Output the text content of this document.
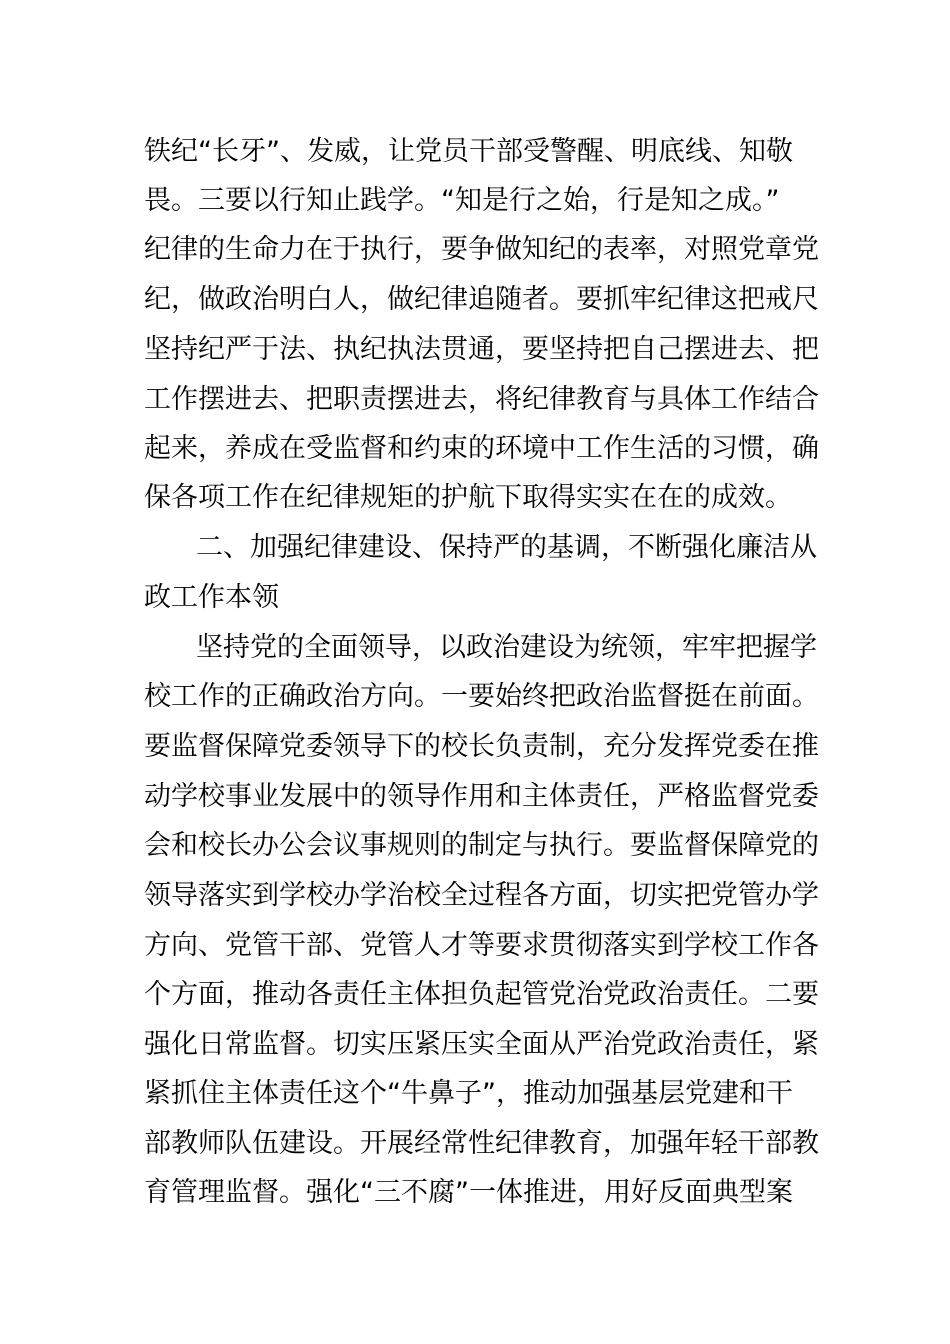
铁纪“长牙”、发威，让党员干部受警醒、明底线、知敬
畏。三要以行知止践学。“知是行之始，行是知之成。”
纪律的生命力在于执行，要争做知纪的表率，对照党章党
纪，做政治明白人，做纪律追随者。要抓牢纪律这把戒尺
坚持纪严于法、执纪执法贯通，要坚持把自己摆进去、把
工作摆进去、把职责摆进去，将纪律教育与具体工作结合
起来，养成在受监督和约束的环境中工作生活的习惯，确
保各项工作在纪律规矩的护航下取得实实在在的成效。
二、加强纪律建设、保持严的基调，不断强化廉洁从
政工作本领
坚持党的全面领导，以政治建设为统领，牢牢把握学
校工作的正确政治方向。一要始终把政治监督挺在前面。
要监督保障党委领导下的校长负责制，充分发挥党委在推
动学校事业发展中的领导作用和主体责任，严格监督党委
会和校长办公会议事规则的制定与执行。要监督保障党的
领导落实到学校办学治校全过程各方面，切实把党管办学
方向、党管干部、党管人才等要求贯彻落实到学校工作各
个方面，推动各责任主体担负起管党治党政治责任。二要
强化日常监督。切实压紧压实全面从严治党政治责任，紧
紧抓住主体责任这个“牛鼻子”，推动加强基层党建和干
部教师队伍建设。开展经常性纪律教育，加强年轻干部教
育管理监督。强化“三不腐”一体推进，用好反面典型案
